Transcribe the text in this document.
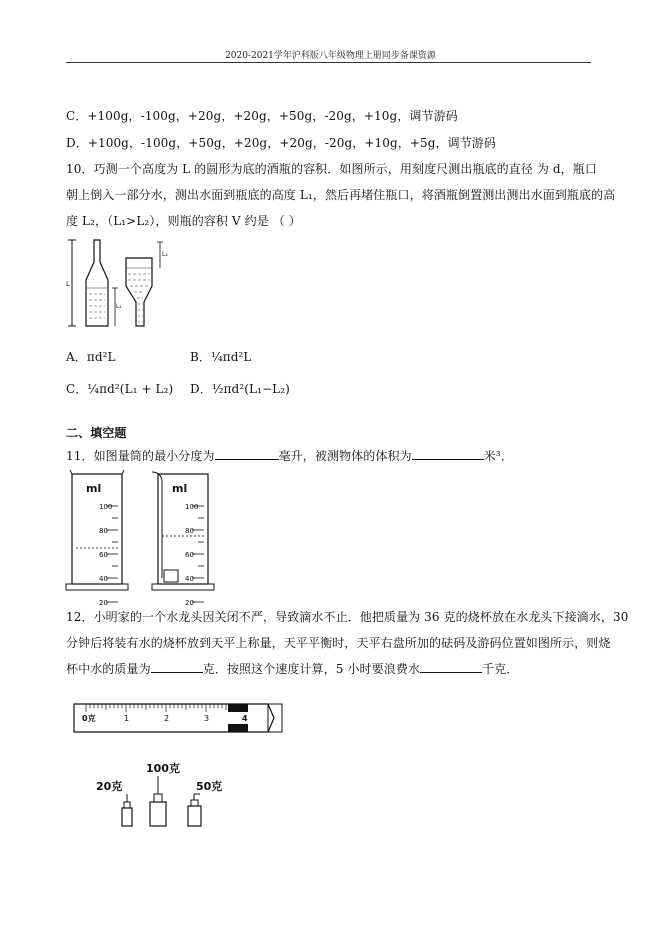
2020-2021学年沪科版八年级物理上册同步备课资源
C．+100g，-100g，+20g，+20g，+50g，-20g，+10g，调节游码
D．+100g，-100g，+50g，+20g，+20g，-20g，+10g，+5g，调节游码
10．巧测一个高度为 L 的圆形为底的酒瓶的容积．如图所示，用刻度尺测出瓶底的直径 为 d，瓶口
朝上倒入一部分水，测出水面到瓶底的高度 L₁，然后再堵住瓶口，将酒瓶倒置测出测出水面到瓶底的高
度 L₂，（L₁>L₂），则瓶的容积 V 约是 （ ）
L
L₁
L₂
A．πd²L	B．¼πd²L
C．¼πd²(L₁ + L₂) D．½πd²(L₁−L₂)
二、填空题
11．如图量筒的最小分度为	毫升，被测物体的体积为	米³．
ml
100
80
60
40
20
ml
100
80
60
40
20
12．小明家的一个水龙头因关闭不严，导致滴水不止．他把质量为 36 克的烧杯放在水龙头下接滴水，30
分钟后将装有水的烧杯放到天平上称量，天平平衡时，天平右盘所加的砝码及游码位置如图所示，则烧
杯中水的质量为	克．按照这个速度计算，5 小时要浪费水	千克．
0克	1	2	3	4
20克
100克
50克
